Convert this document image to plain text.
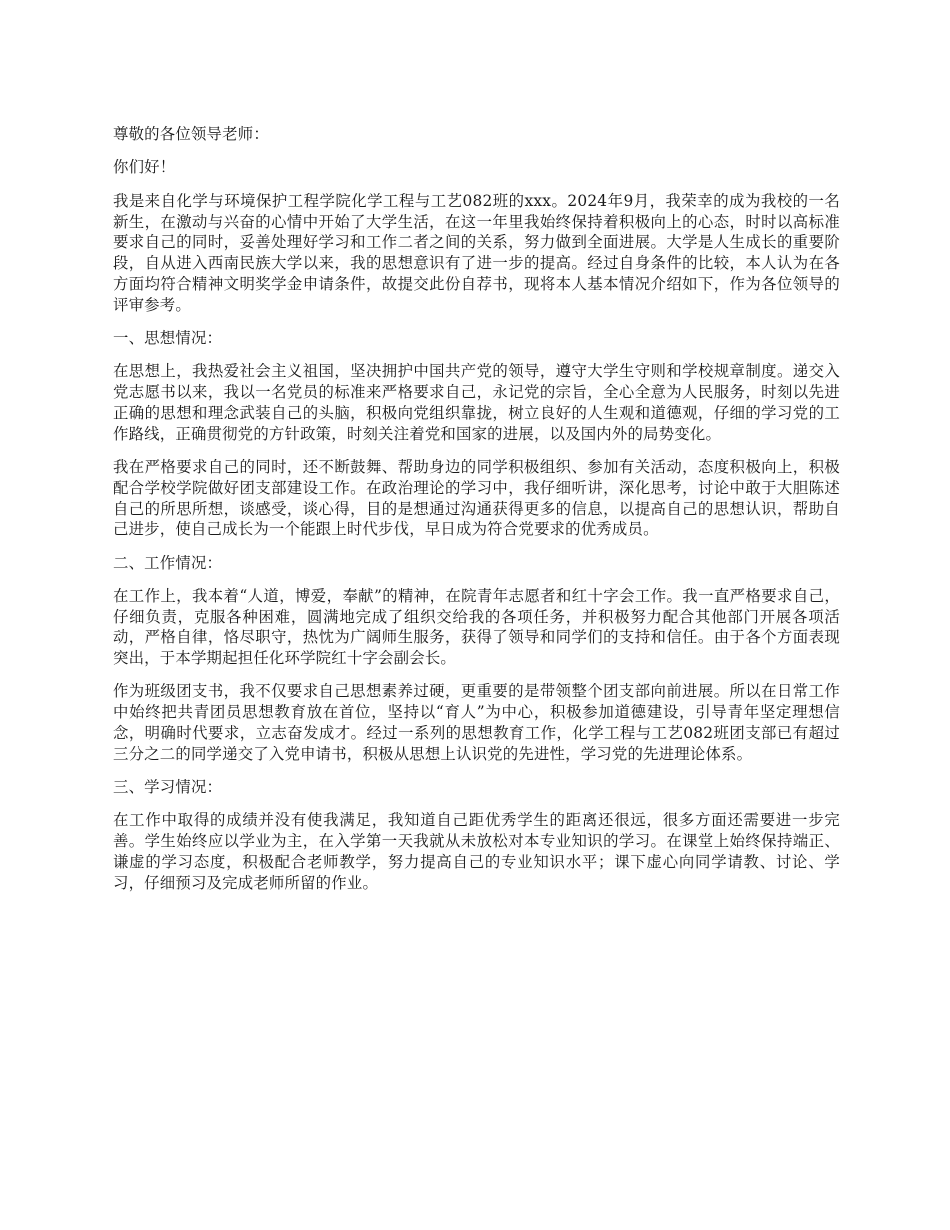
尊敬的各位领导老师：

你们好！

我是来自化学与环境保护工程学院化学工程与工艺082班的xxx。2024年9月，我荣幸的成为我校的一名新生，在激动与兴奋的心情中开始了大学生活，在这一年里我始终保持着积极向上的心态，时时以高标准要求自己的同时，妥善处理好学习和工作二者之间的关系，努力做到全面进展。大学是人生成长的重要阶段，自从进入西南民族大学以来，我的思想意识有了进一步的提高。经过自身条件的比较，本人认为在各方面均符合精神文明奖学金申请条件，故提交此份自荐书，现将本人基本情况介绍如下，作为各位领导的评审参考。

一、思想情况：

在思想上，我热爱社会主义祖国，坚决拥护中国共产党的领导，遵守大学生守则和学校规章制度。递交入党志愿书以来，我以一名党员的标准来严格要求自己，永记党的宗旨，全心全意为人民服务，时刻以先进正确的思想和理念武装自己的头脑，积极向党组织靠拢，树立良好的人生观和道德观，仔细的学习党的工作路线，正确贯彻党的方针政策，时刻关注着党和国家的进展，以及国内外的局势变化。

我在严格要求自己的同时，还不断鼓舞、帮助身边的同学积极组织、参加有关活动，态度积极向上，积极配合学校学院做好团支部建设工作。在政治理论的学习中，我仔细听讲，深化思考，讨论中敢于大胆陈述自己的所思所想，谈感受，谈心得，目的是想通过沟通获得更多的信息，以提高自己的思想认识，帮助自己进步，使自己成长为一个能跟上时代步伐，早日成为符合党要求的优秀成员。

二、工作情况：

在工作上，我本着“人道，博爱，奉献”的精神，在院青年志愿者和红十字会工作。我一直严格要求自己，仔细负责，克服各种困难，圆满地完成了组织交给我的各项任务，并积极努力配合其他部门开展各项活动，严格自律，恪尽职守，热忱为广阔师生服务，获得了领导和同学们的支持和信任。由于各个方面表现突出，于本学期起担任化环学院红十字会副会长。

作为班级团支书，我不仅要求自己思想素养过硬，更重要的是带领整个团支部向前进展。所以在日常工作中始终把共青团员思想教育放在首位，坚持以“育人”为中心，积极参加道德建设，引导青年坚定理想信念，明确时代要求，立志奋发成才。经过一系列的思想教育工作，化学工程与工艺082班团支部已有超过三分之二的同学递交了入党申请书，积极从思想上认识党的先进性，学习党的先进理论体系。

三、学习情况：

在工作中取得的成绩并没有使我满足，我知道自己距优秀学生的距离还很远，很多方面还需要进一步完善。学生始终应以学业为主，在入学第一天我就从未放松对本专业知识的学习。在课堂上始终保持端正、谦虚的学习态度，积极配合老师教学，努力提高自己的专业知识水平；课下虚心向同学请教、讨论、学习，仔细预习及完成老师所留的作业。
